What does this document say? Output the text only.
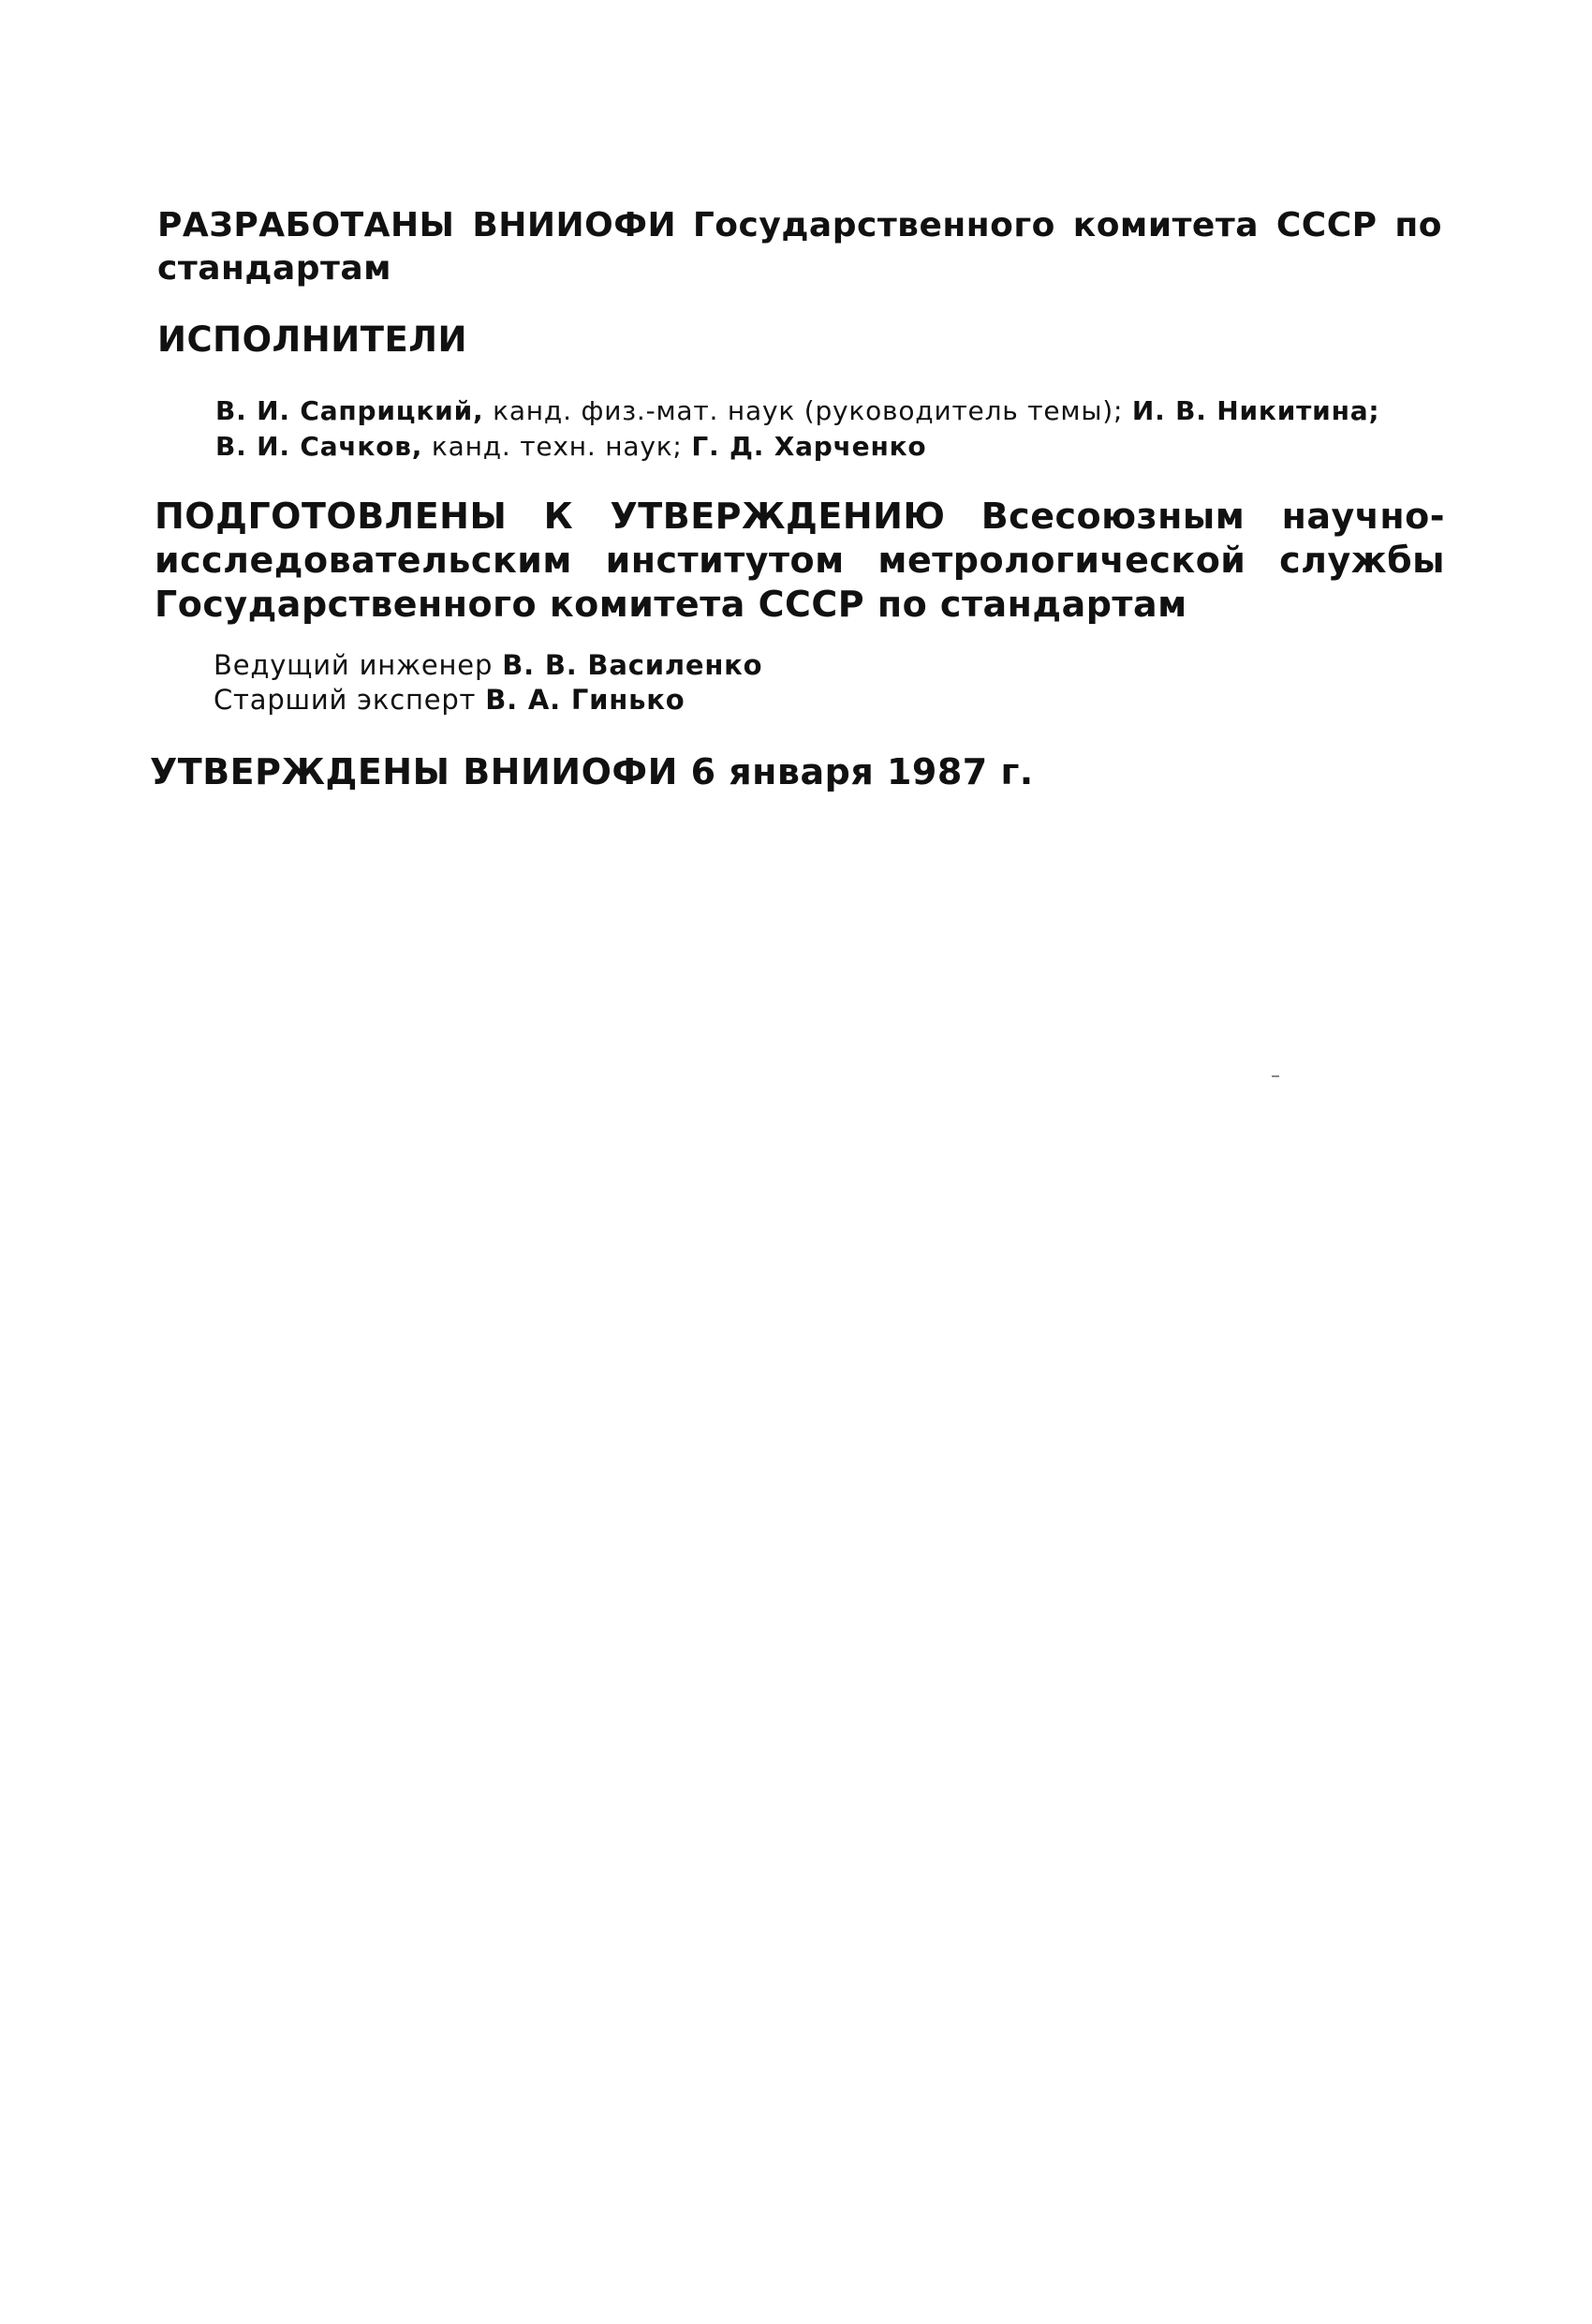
РАЗРАБОТАНЫ ВНИИОФИ Государственного комитета СССР по стандартам
ИСПОЛНИТЕЛИ
В. И. Саприцкий, канд. физ.-мат. наук (руководитель темы); И. В. Никитина;
В. И. Сачков, канд. техн. наук; Г. Д. Харченко
ПОДГОТОВЛЕНЫ К УТВЕРЖДЕНИЮ Всесоюзным научно-исследовательским институтом метрологической службы Государственного комитета СССР по стандартам
Ведущий инженер В. В. Василенко
Старший эксперт В. А. Гинько
УТВЕРЖДЕНЫ ВНИИОФИ 6 января 1987 г.
